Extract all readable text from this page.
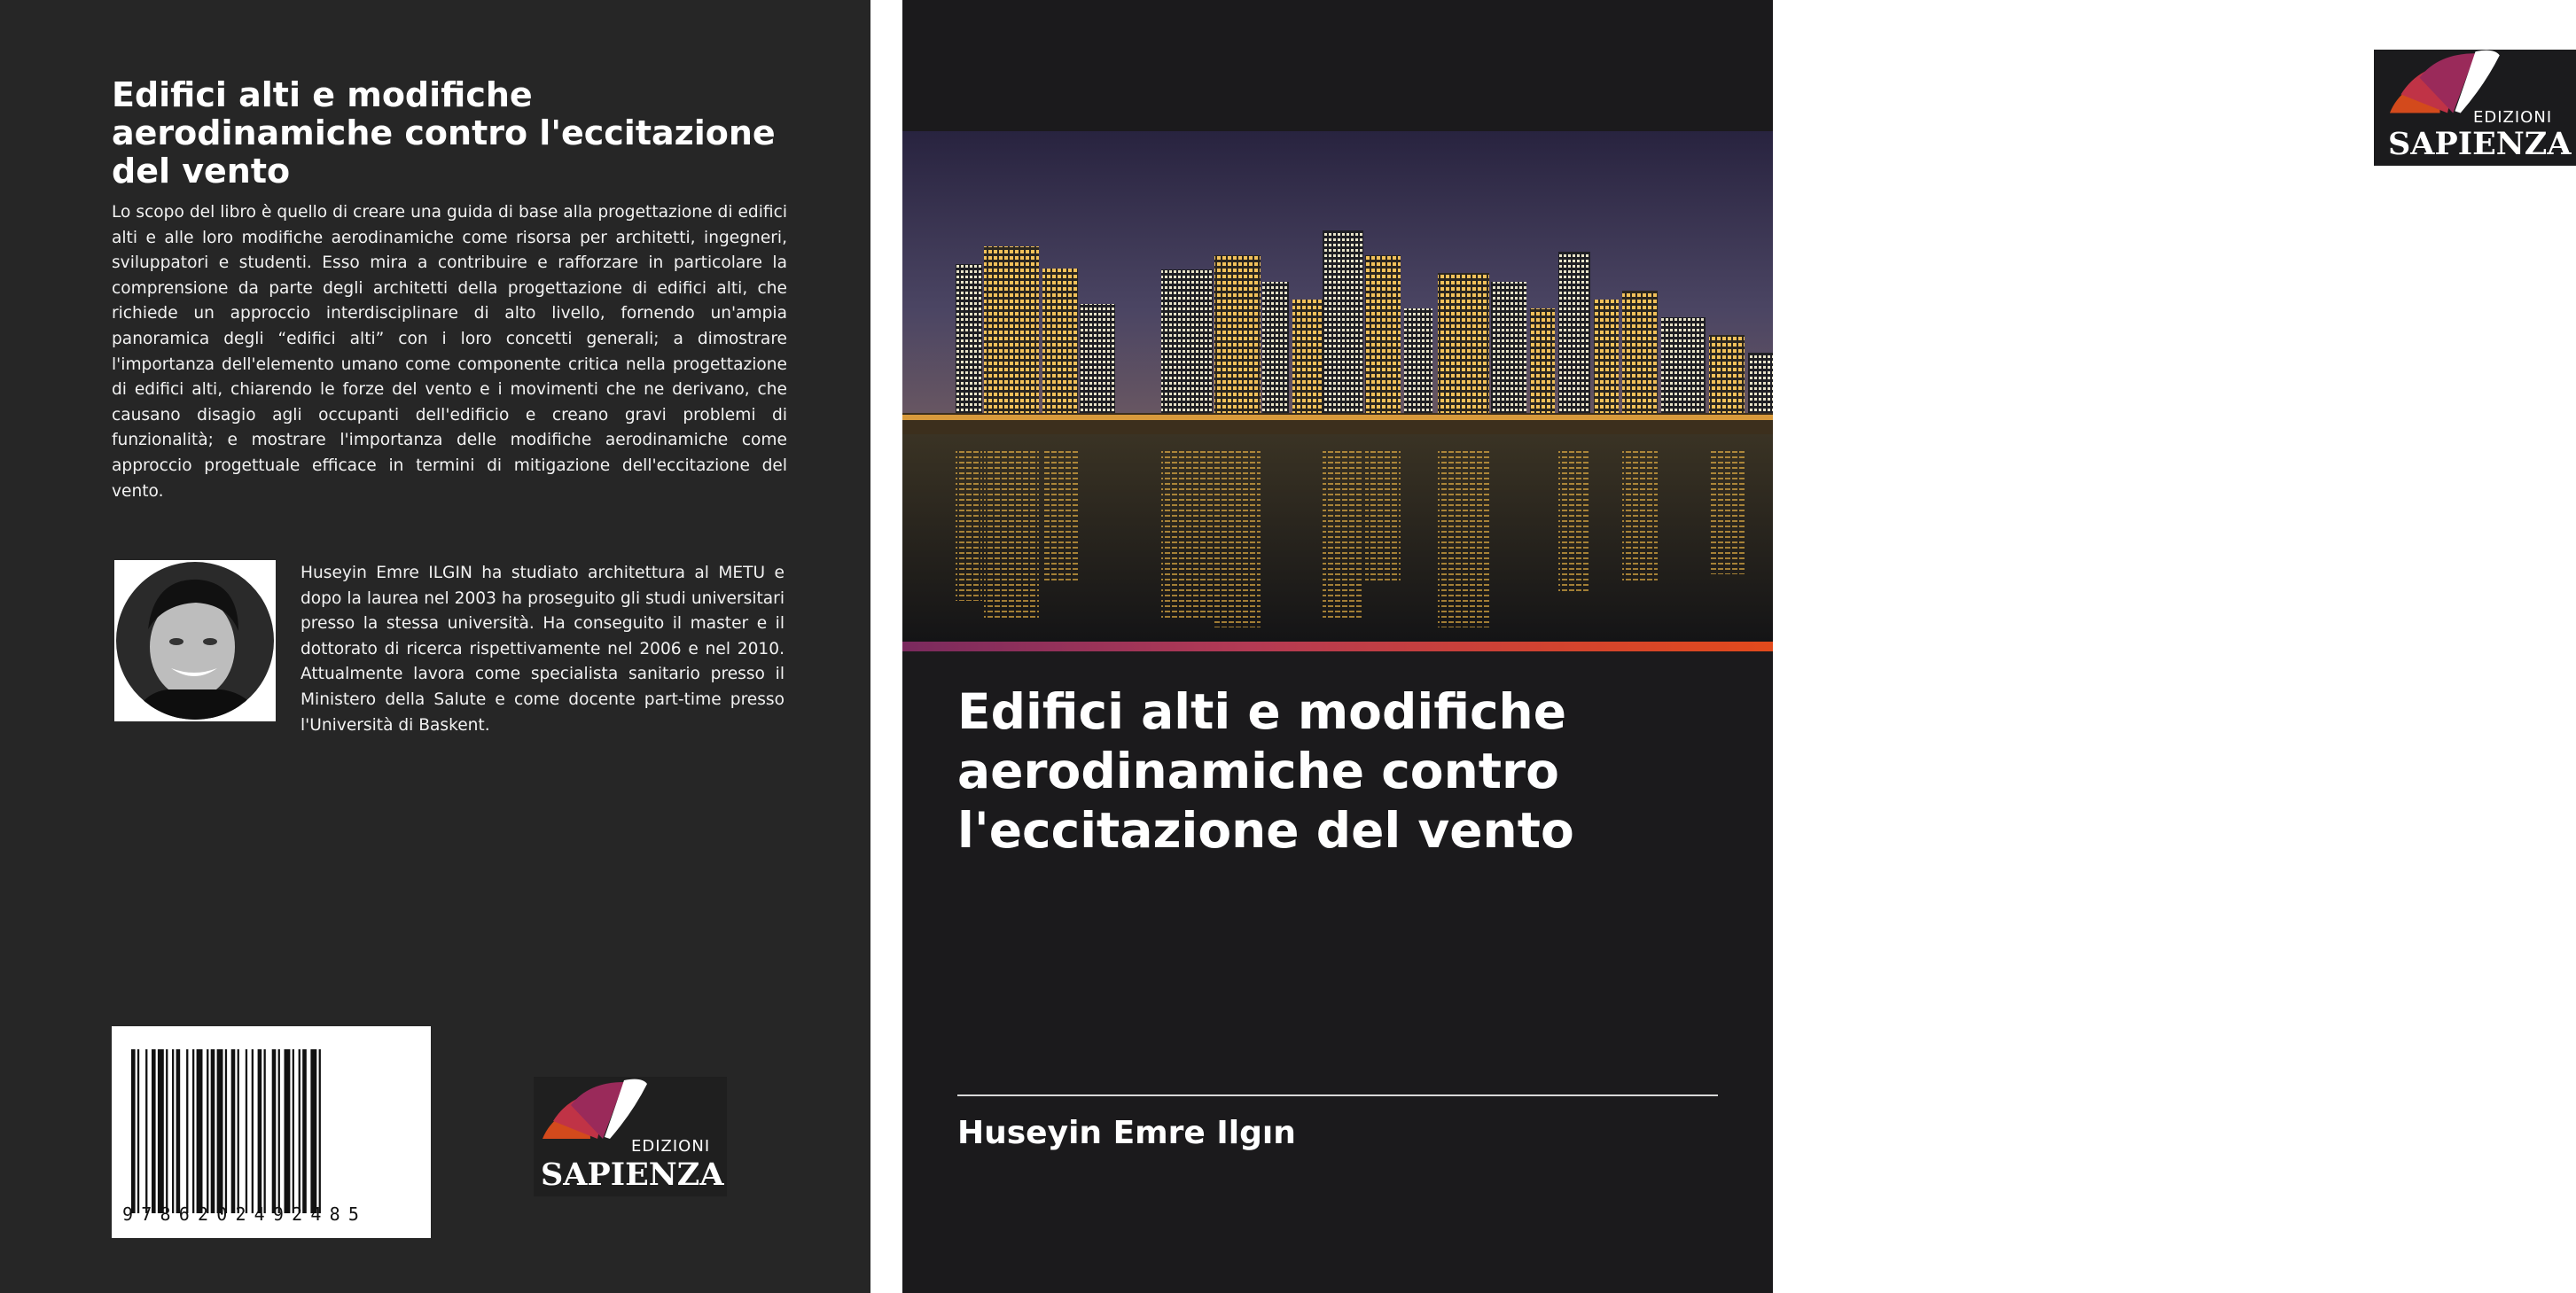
Edifici alti e modifiche aerodinamiche contro l'eccitazione del vento
Lo scopo del libro è quello di creare una guida di base alla progettazione di edifici alti e alle loro modifiche aerodinamiche come risorsa per architetti, ingegneri, sviluppatori e studenti. Esso mira a contribuire e rafforzare in particolare la comprensione da parte degli architetti della progettazione di edifici alti, che richiede un approccio interdisciplinare di alto livello, fornendo un'ampia panoramica degli “edifici alti” con i loro concetti generali; a dimostrare l'importanza dell'elemento umano come componente critica nella progettazione di edifici alti, chiarendo le forze del vento e i movimenti che ne derivano, che causano disagio agli occupanti dell'edificio e creano gravi problemi di funzionalità; e mostrare l'importanza delle modifiche aerodinamiche come approccio progettuale efficace in termini di mitigazione dell'eccitazione del vento.
Huseyin Emre ILGIN ha studiato architettura al METU e dopo la laurea nel 2003 ha proseguito gli studi universitari presso la stessa università. Ha conseguito il master e il dottorato di ricerca rispettivamente nel 2006 e nel 2010. Attualmente lavora come specialista sanitario presso il Ministero della Salute e come docente part-time presso l'Università di Baskent.
9786202492485
EDIZIONI
SAPIENZA
EDIZIONI
SAPIENZA
Edifici alti e modifiche aerodinamiche contro l'eccitazione del vento
Huseyin Emre Ilgın
